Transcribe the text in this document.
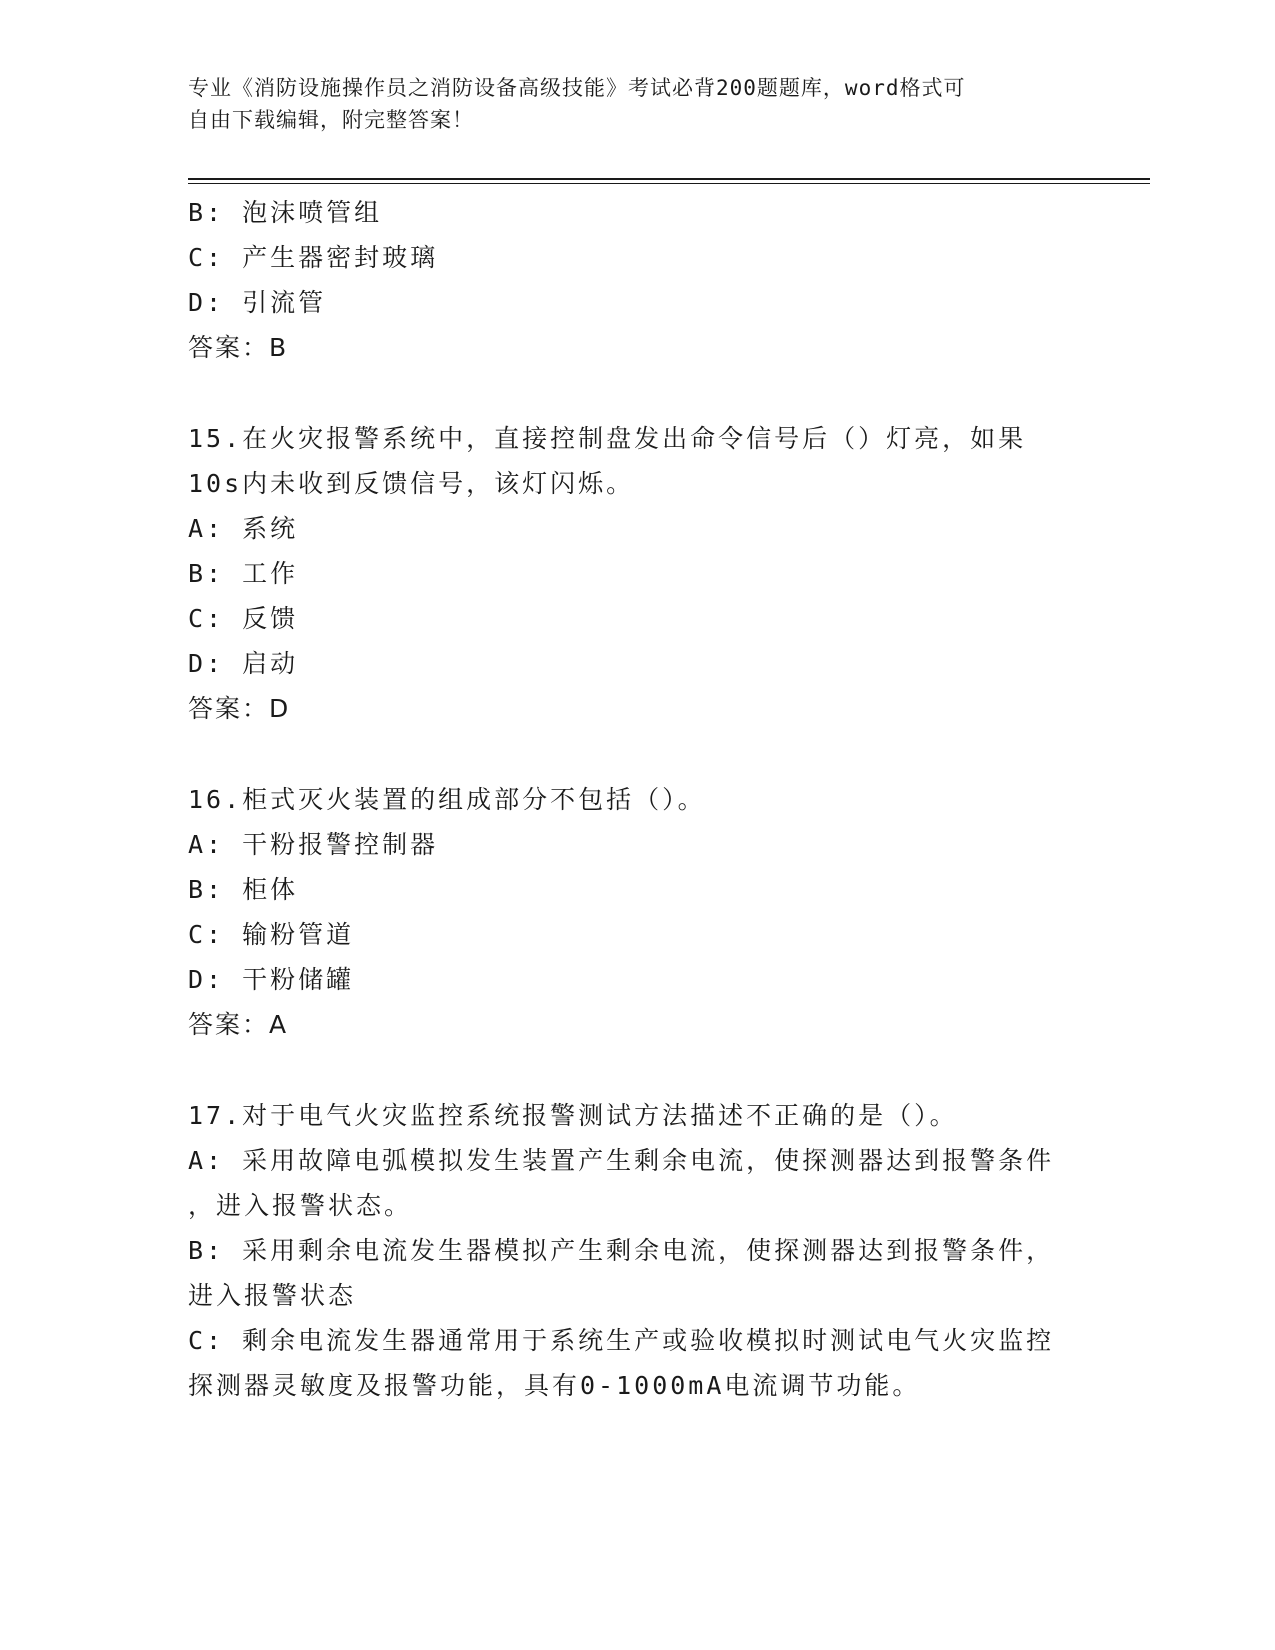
专业《消防设施操作员之消防设备高级技能》考试必背200题题库，word格式可
自由下载编辑，附完整答案！
B: 泡沫喷管组
C: 产生器密封玻璃
D: 引流管
答案：B
15.在火灾报警系统中，直接控制盘发出命令信号后（）灯亮，如果
10s内未收到反馈信号，该灯闪烁。
A: 系统
B: 工作
C: 反馈
D: 启动
答案：D
16.柜式灭火装置的组成部分不包括（）。
A: 干粉报警控制器
B: 柜体
C: 输粉管道
D: 干粉储罐
答案：A
17.对于电气火灾监控系统报警测试方法描述不正确的是（）。
A: 采用故障电弧模拟发生装置产生剩余电流，使探测器达到报警条件
，进入报警状态。
B: 采用剩余电流发生器模拟产生剩余电流，使探测器达到报警条件，
进入报警状态
C: 剩余电流发生器通常用于系统生产或验收模拟时测试电气火灾监控
探测器灵敏度及报警功能，具有0-1000mA电流调节功能。
